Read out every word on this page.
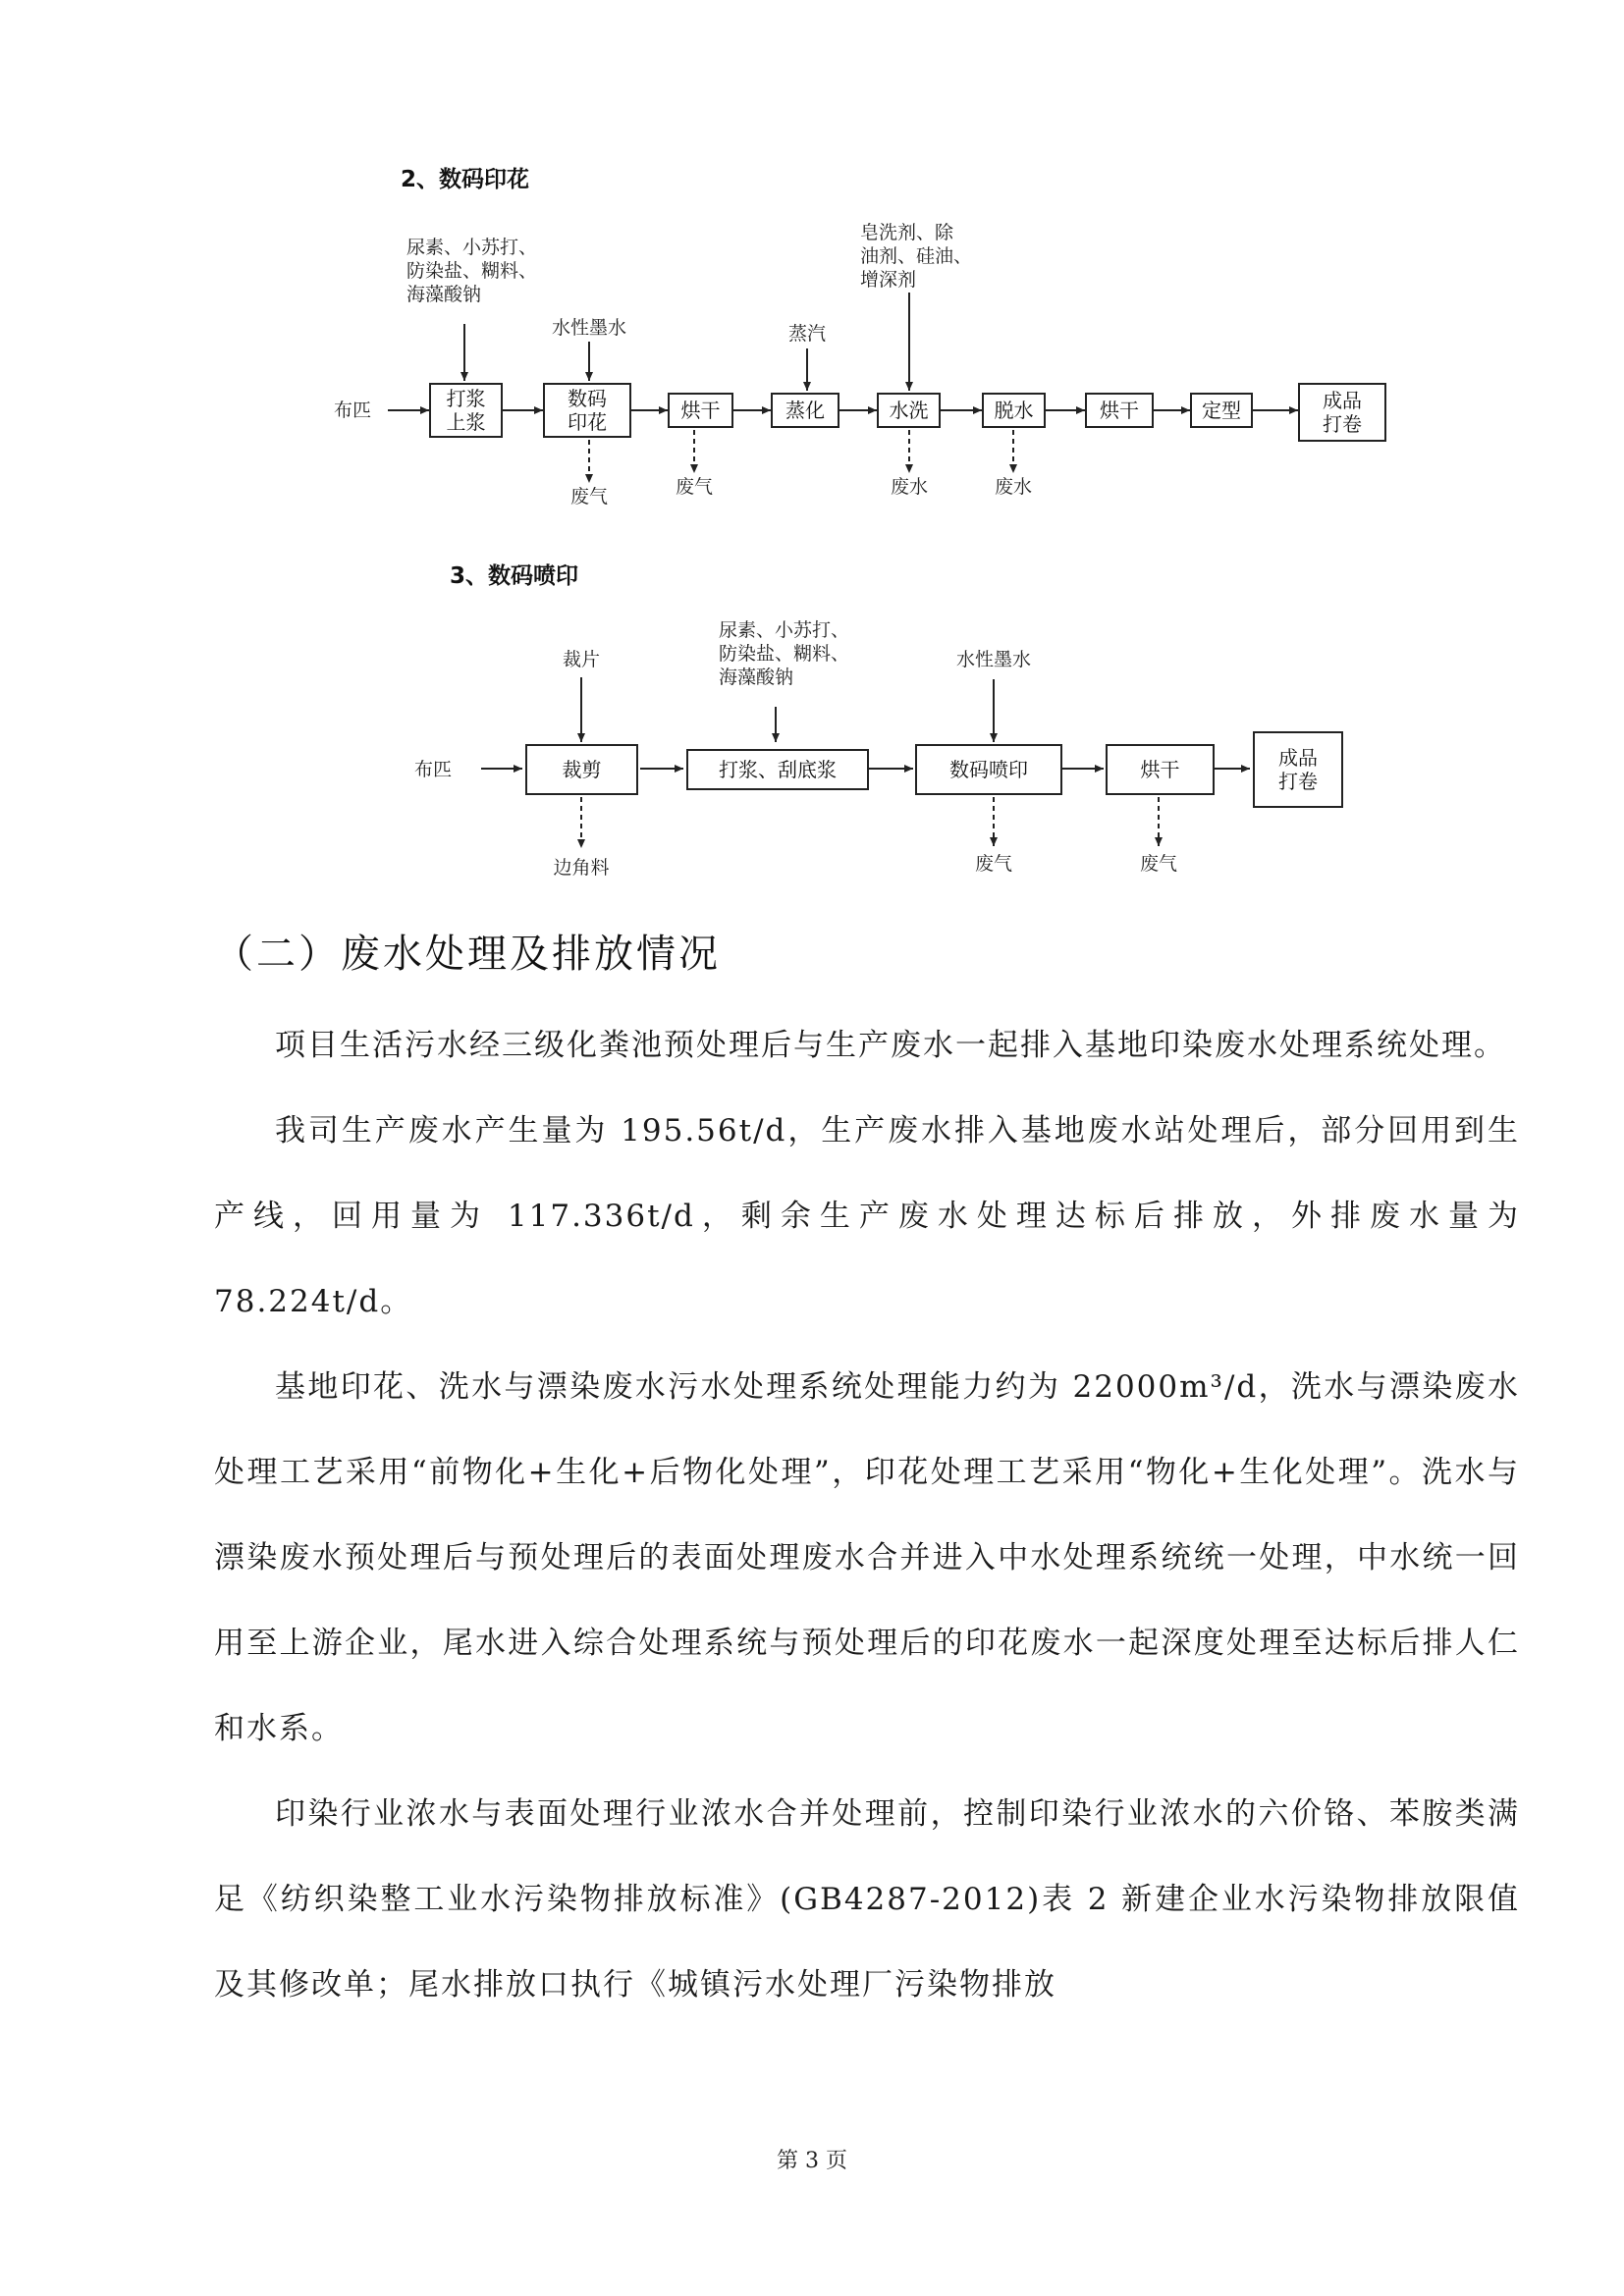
2、数码印花
尿素、小苏打、
防染盐、糊料、
海藻酸钠
水性墨水	蒸汽
皂洗剂、除
油剂、硅油、
增深剂
布匹	打浆
上浆
数码
印花	烘干	蒸化	水洗	脱水	烘干	定型	成品
打卷
废气	废气	废水	废水
3、数码喷印
裁片
尿素、小苏打、
防染盐、糊料、
海藻酸钠
水性墨水
布匹	裁剪	打浆、刮底浆	数码喷印	烘干	成品
打卷
边角料	废气	废气
（二）废水处理及排放情况

项目生活污水经三级化粪池预处理后与生产废水一起排入基地印染废水处理系统处理。

我司生产废水产生量为 195.56t/d，生产废水排入基地废水站处理后，部分回用到生产线，回用量为 117.336t/d，剩余生产废水处理达标后排放，外排废水量为 78.224t/d。

基地印花、洗水与漂染废水污水处理系统处理能力约为 22000m³/d，洗水与漂染废水处理工艺采用“前物化+生化+后物化处理”，印花处理工艺采用“物化+生化处理”。洗水与漂染废水预处理后与预处理后的表面处理废水合并进入中水处理系统统一处理，中水统一回用至上游企业，尾水进入综合处理系统与预处理后的印花废水一起深度处理至达标后排人仁和水系。

印染行业浓水与表面处理行业浓水合并处理前，控制印染行业浓水的六价铬、苯胺类满足《纺织染整工业水污染物排放标准》(GB4287-2012)表 2 新建企业水污染物排放限值及其修改单；尾水排放口执行《城镇污水处理厂污染物排放

第 3 页
